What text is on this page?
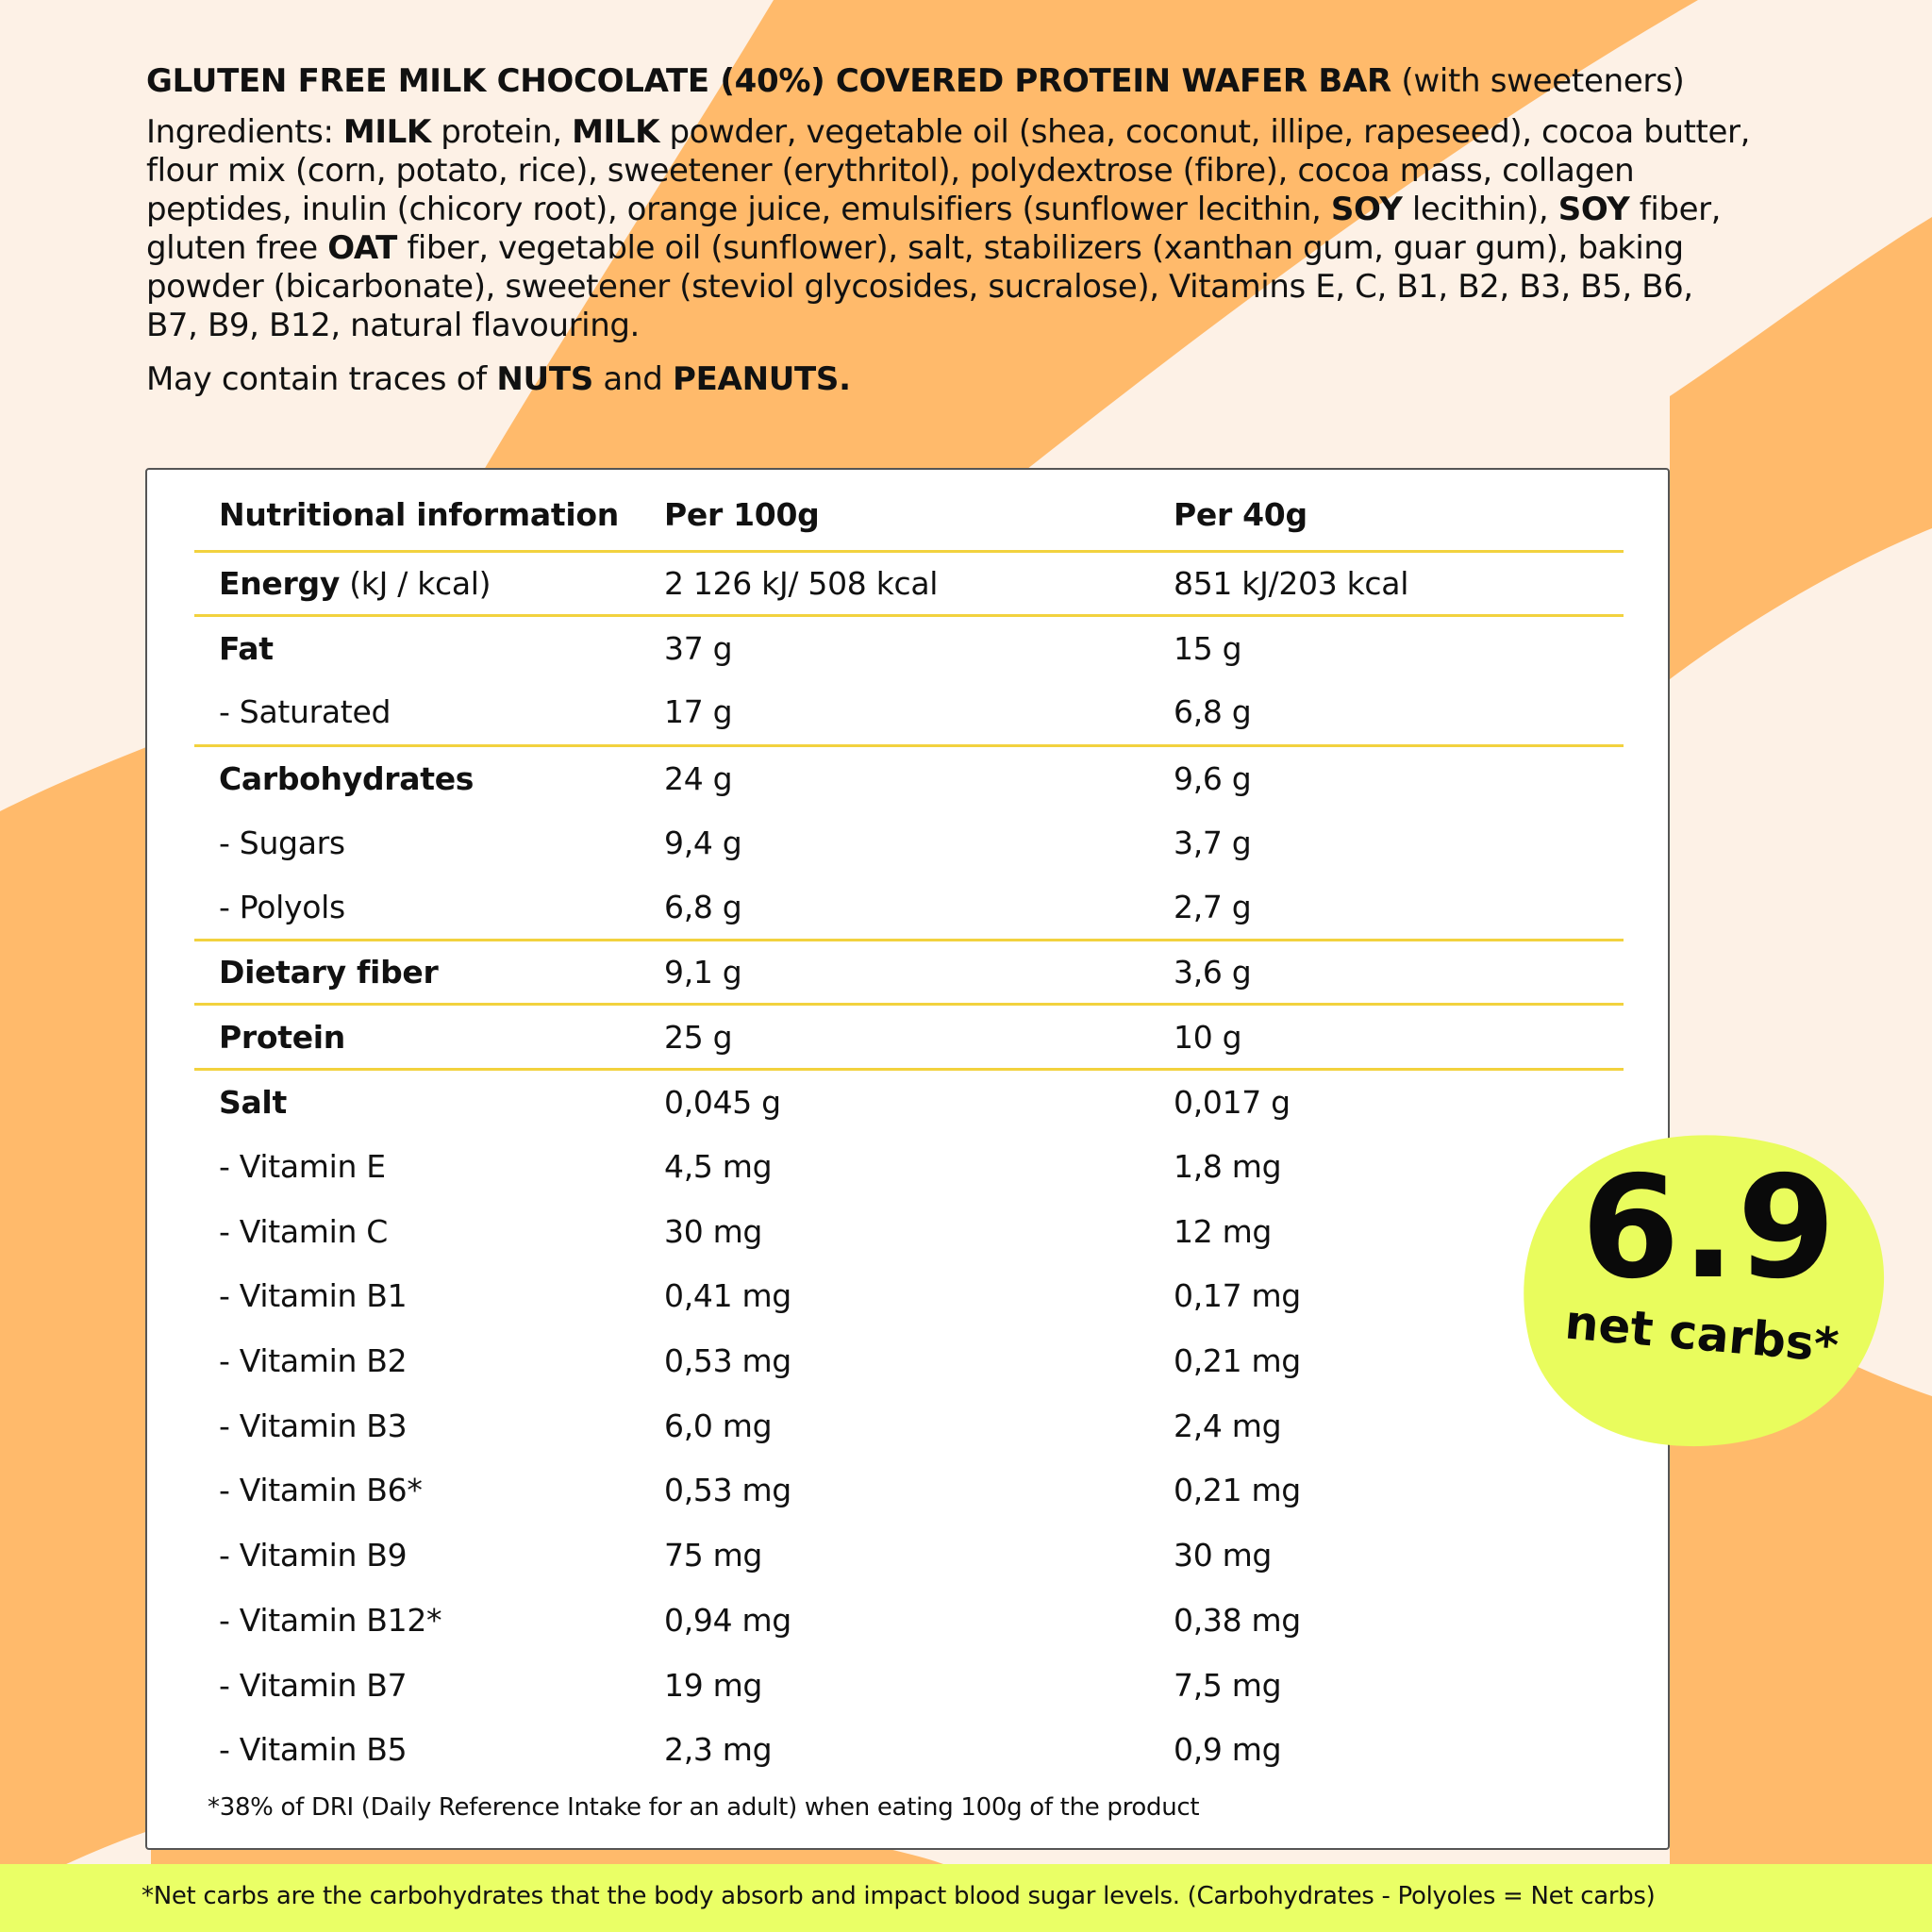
GLUTEN FREE MILK CHOCOLATE (40%) COVERED PROTEIN WAFER BAR (with sweeteners)

Ingredients: MILK protein, MILK powder, vegetable oil (shea, coconut, illipe, rapeseed), cocoa butter, flour mix (corn, potato, rice), sweetener (erythritol), polydextrose (fibre), cocoa mass, collagen peptides, inulin (chicory root), orange juice, emulsifiers (sunflower lecithin, SOY lecithin), SOY fiber, gluten free OAT fiber, vegetable oil (sunflower), salt, stabilizers (xanthan gum, guar gum), baking powder (bicarbonate), sweetener (steviol glycosides, sucralose), Vitamins E, C, B1, B2, B3, B5, B6, B7, B9, B12, natural flavouring.

May contain traces of NUTS and PEANUTS.

Nutritional information	Per 100g	Per 40g
Energy (kJ / kcal)	2 126 kJ/ 508 kcal	851 kJ/203 kcal
Fat	37 g	15 g
- Saturated	17 g	6,8 g
Carbohydrates	24 g	9,6 g
- Sugars	9,4 g	3,7 g
- Polyols	6,8 g	2,7 g
Dietary fiber	9,1 g	3,6 g
Protein	25 g	10 g
Salt	0,045 g	0,017 g
- Vitamin E	4,5 mg	1,8 mg
- Vitamin C	30 mg	12 mg
- Vitamin B1	0,41 mg	0,17 mg
- Vitamin B2	0,53 mg	0,21 mg
- Vitamin B3	6,0 mg	2,4 mg
- Vitamin B6*	0,53 mg	0,21 mg
- Vitamin B9	75 mg	30 mg
- Vitamin B12*	0,94 mg	0,38 mg
- Vitamin B7	19 mg	7,5 mg
- Vitamin B5	2,3 mg	0,9 mg

*38% of DRI (Daily Reference Intake for an adult) when eating 100g of the product

6.9
net carbs*
*Net carbs are the carbohydrates that the body absorb and impact blood sugar levels. (Carbohydrates - Polyoles = Net carbs)
